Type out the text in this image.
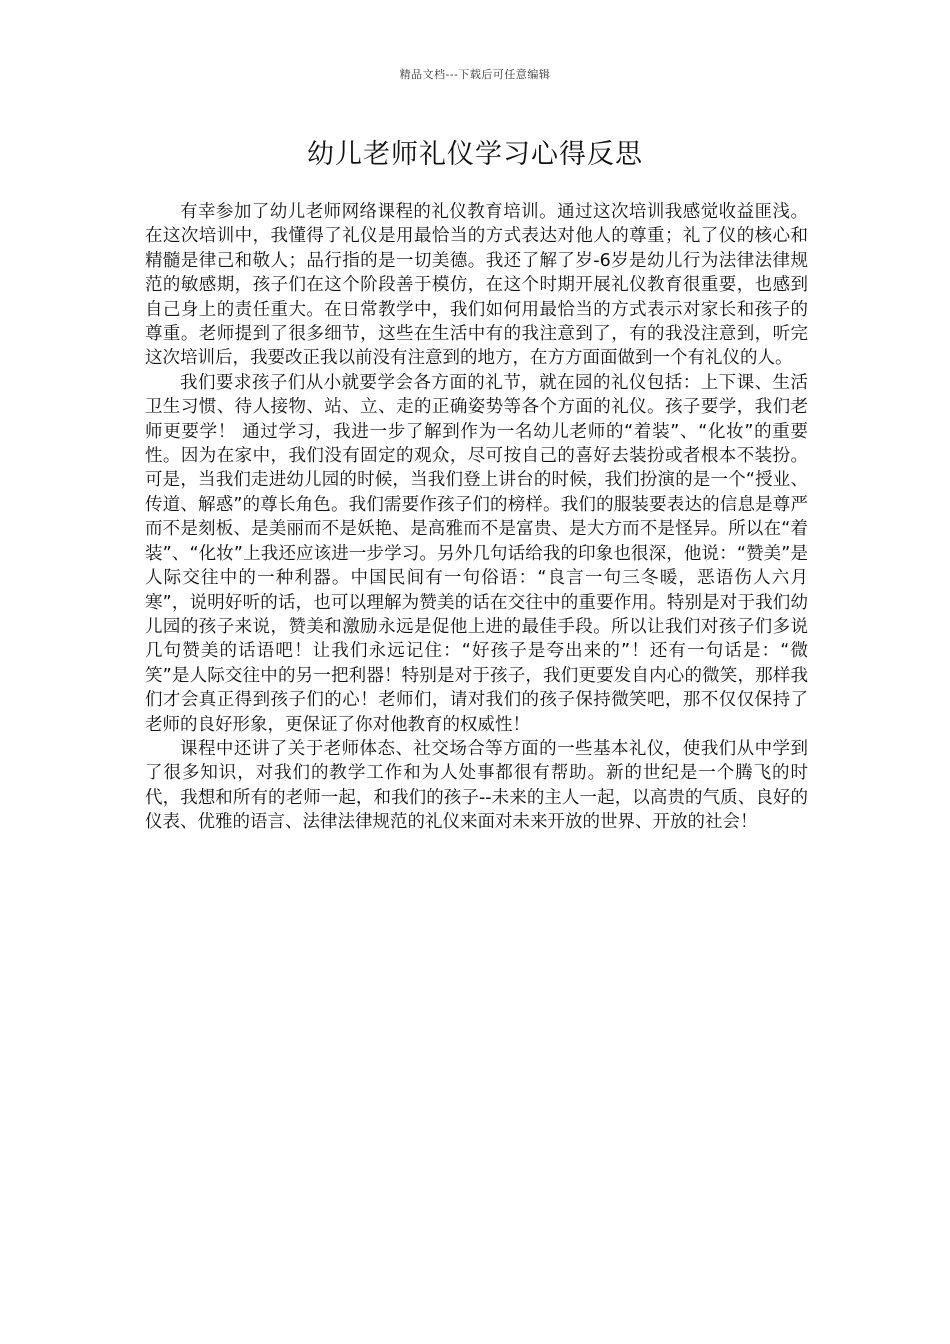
精品文档---下载后可任意编辑
幼儿老师礼仪学习心得反思

有幸参加了幼儿老师网络课程的礼仪教育培训。通过这次培训我感觉收益匪浅。在这次培训中，我懂得了礼仪是用最恰当的方式表达对他人的尊重；礼了仪的核心和精髓是律己和敬人；品行指的是一切美德。我还了解了岁-6岁是幼儿行为法律法律规范的敏感期，孩子们在这个阶段善于模仿，在这个时期开展礼仪教育很重要，也感到自己身上的责任重大。在日常教学中，我们如何用最恰当的方式表示对家长和孩子的尊重。老师提到了很多细节，这些在生活中有的我注意到了，有的我没注意到，听完这次培训后，我要改正我以前没有注意到的地方，在方方面面做到一个有礼仪的人。

我们要求孩子们从小就要学会各方面的礼节，就在园的礼仪包括：上下课、生活卫生习惯、待人接物、站、立、走的正确姿势等各个方面的礼仪。孩子要学，我们老师更要学！ 通过学习，我进一步了解到作为一名幼儿老师的“着装”、“化妆”的重要性。因为在家中，我们没有固定的观众，尽可按自己的喜好去装扮或者根本不装扮。可是，当我们走进幼儿园的时候，当我们登上讲台的时候，我们扮演的是一个“授业、传道、解惑”的尊长角色。我们需要作孩子们的榜样。我们的服装要表达的信息是尊严而不是刻板、是美丽而不是妖艳、是高雅而不是富贵、是大方而不是怪异。所以在“着装”、“化妆”上我还应该进一步学习。另外几句话给我的印象也很深，他说：“赞美”是人际交往中的一种利器。中国民间有一句俗语：“良言一句三冬暖，恶语伤人六月寒”，说明好听的话，也可以理解为赞美的话在交往中的重要作用。特别是对于我们幼儿园的孩子来说，赞美和激励永远是促他上进的最佳手段。所以让我们对孩子们多说几句赞美的话语吧！让我们永远记住：“好孩子是夸出来的”！还有一句话是：“微笑”是人际交往中的另一把利器！特别是对于孩子，我们更要发自内心的微笑，那样我们才会真正得到孩子们的心！老师们，请对我们的孩子保持微笑吧，那不仅仅保持了老师的良好形象，更保证了你对他教育的权威性！

课程中还讲了关于老师体态、社交场合等方面的一些基本礼仪，使我们从中学到了很多知识，对我们的教学工作和为人处事都很有帮助。新的世纪是一个腾飞的时代，我想和所有的老师一起，和我们的孩子--未来的主人一起，以高贵的气质、良好的仪表、优雅的语言、法律法律规范的礼仪来面对未来开放的世界、开放的社会！
